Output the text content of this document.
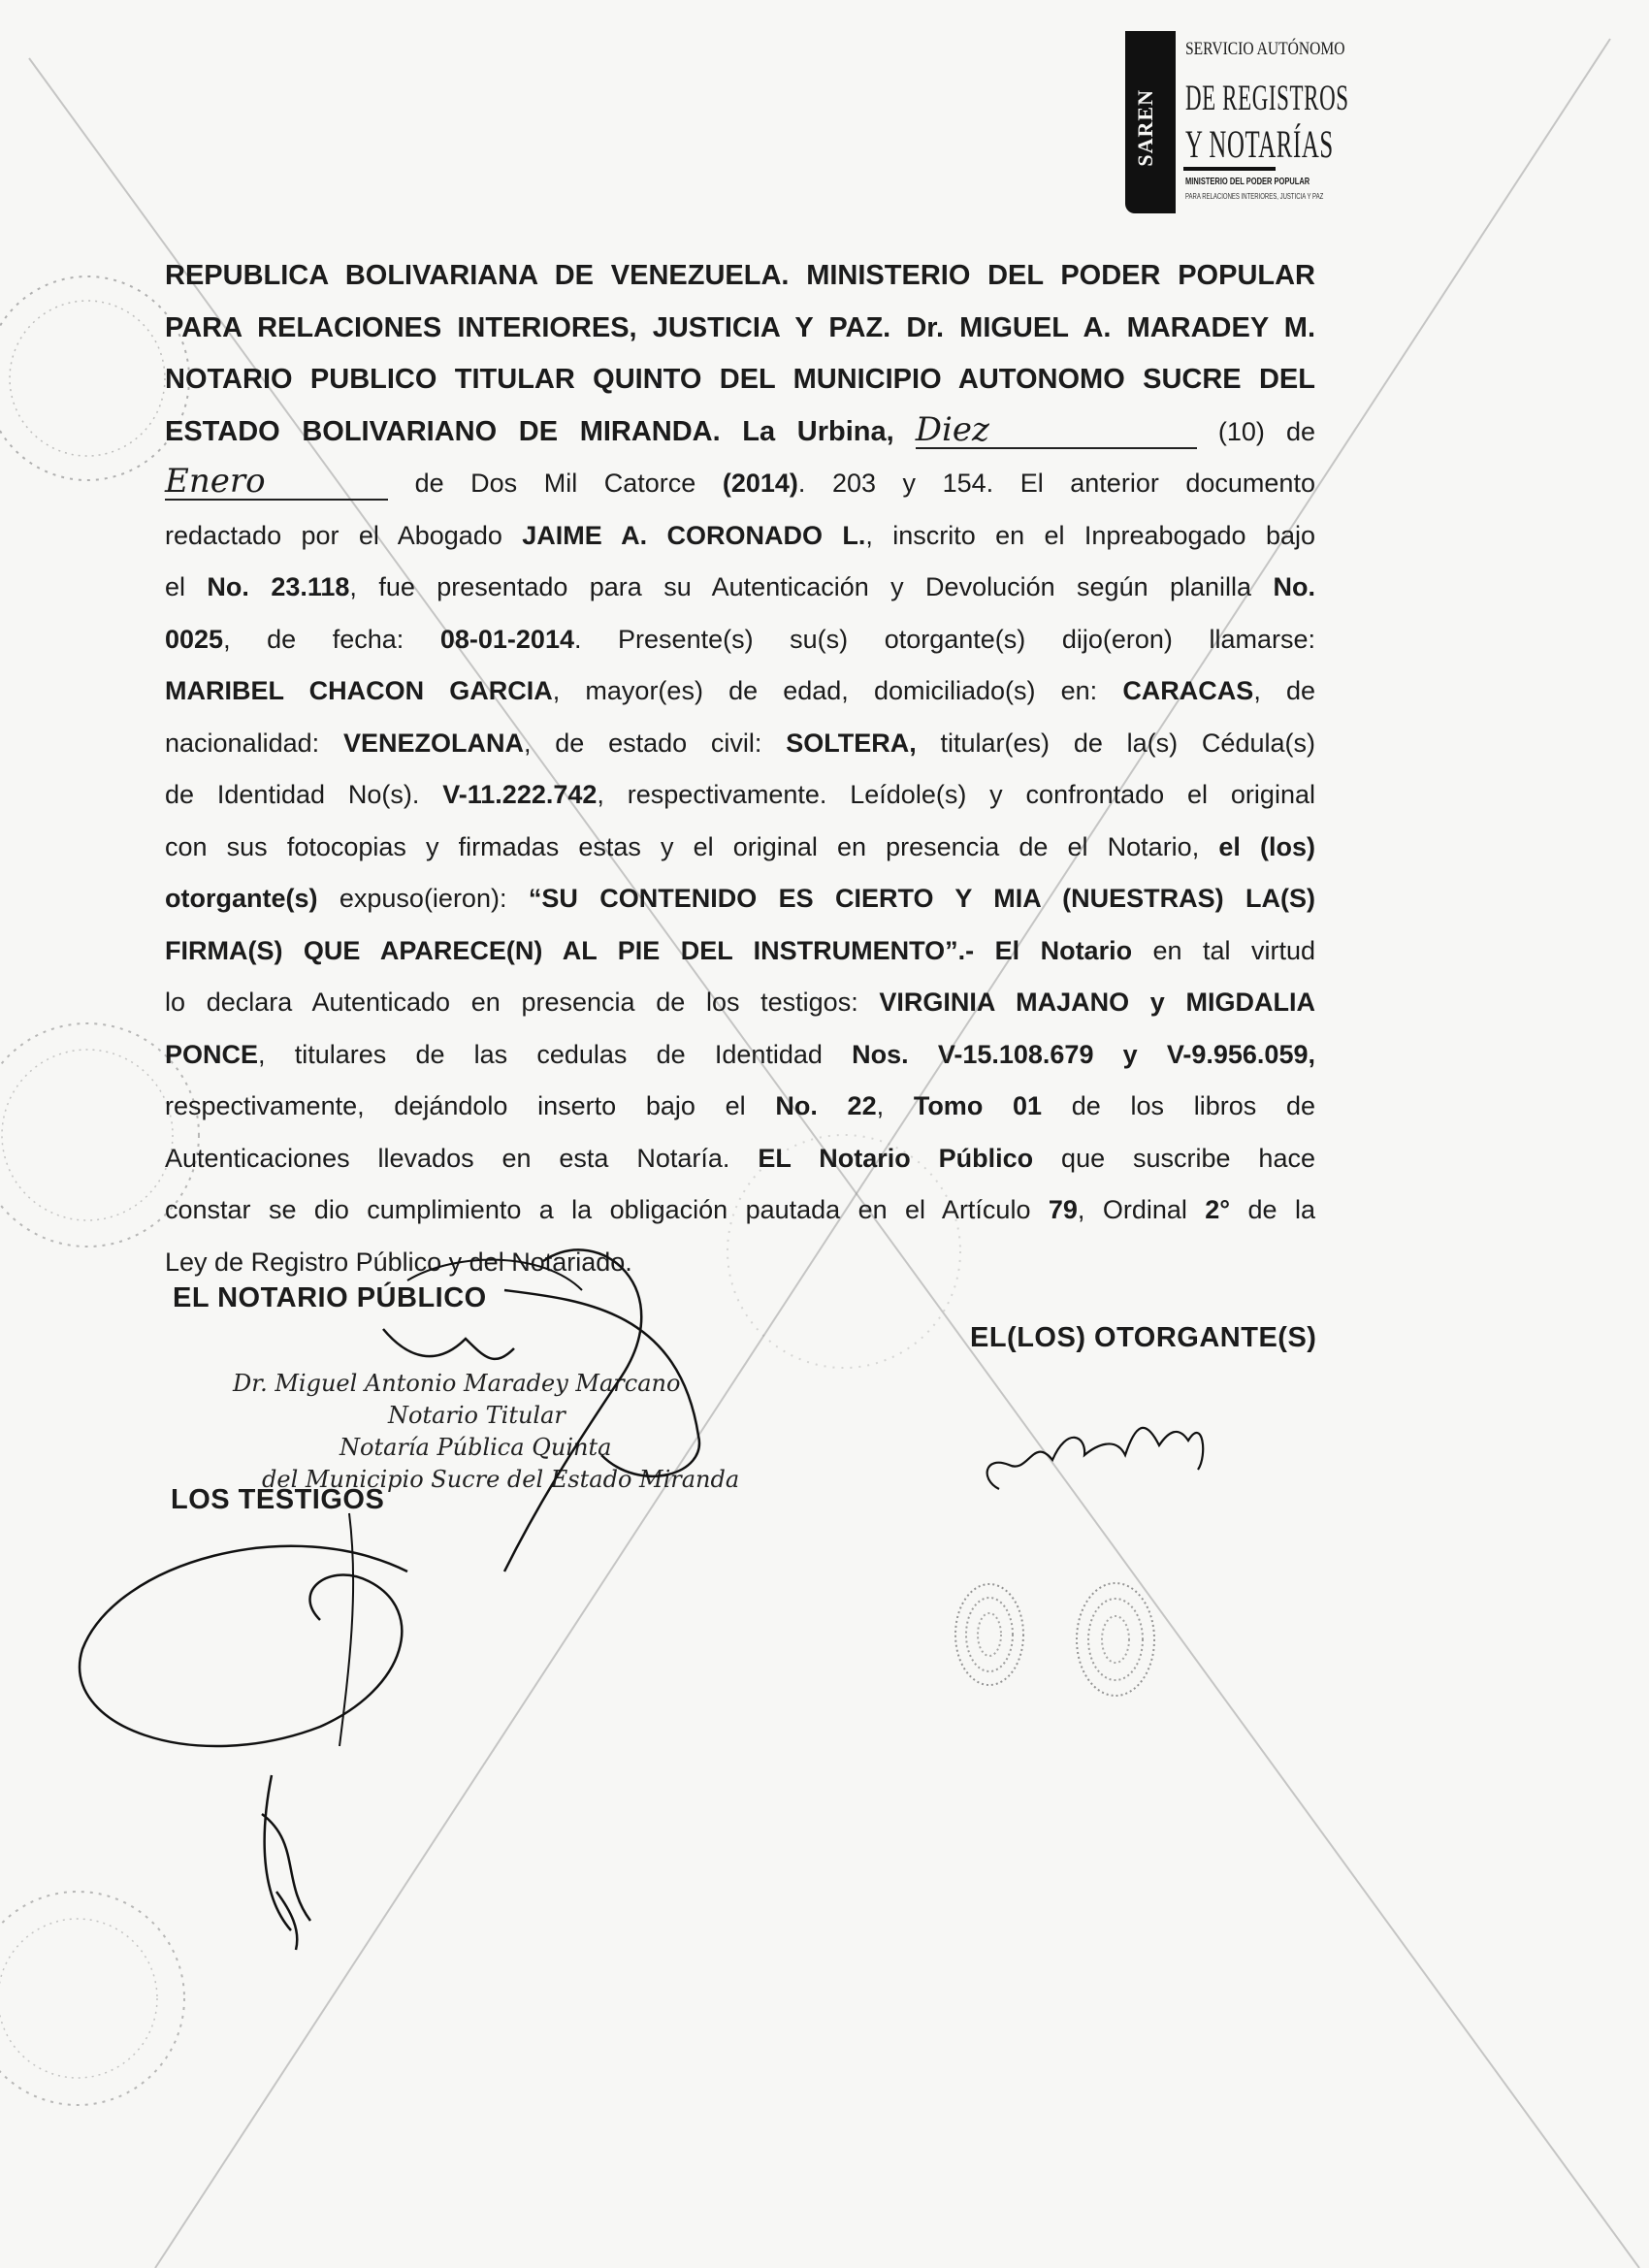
SAREN
SERVICIO AUTÓNOMO
DE REGISTROS
Y NOTARÍAS
MINISTERIO DEL PODER POPULAR
PARA RELACIONES INTERIORES, JUSTICIA Y PAZ
REPUBLICA BOLIVARIANA DE VENEZUELA. MINISTERIO DEL PODER POPULAR
PARA RELACIONES INTERIORES, JUSTICIA Y PAZ. Dr. MIGUEL A. MARADEY M.
NOTARIO PUBLICO TITULAR QUINTO DEL MUNICIPIO AUTONOMO SUCRE DEL
ESTADO BOLIVARIANO DE MIRANDA. La Urbina, Diez	(10) de
Enero	de Dos Mil Catorce (2014). 203 y 154. El anterior documento
redactado por el Abogado JAIME A. CORONADO L., inscrito en el Inpreabogado bajo
el No. 23.118, fue presentado para su Autenticación y Devolución según planilla No.
0025, de fecha: 08-01-2014. Presente(s) su(s) otorgante(s) dijo(eron) llamarse:
MARIBEL CHACON GARCIA, mayor(es) de edad, domiciliado(s) en: CARACAS, de
nacionalidad: VENEZOLANA, de estado civil: SOLTERA, titular(es) de la(s) Cédula(s)
de Identidad No(s). V-11.222.742, respectivamente. Leídole(s) y confrontado el original
con sus fotocopias y firmadas estas y el original en presencia de el Notario, el (los)
otorgante(s) expuso(ieron): “SU CONTENIDO ES CIERTO Y MIA (NUESTRAS) LA(S)
FIRMA(S) QUE APARECE(N) AL PIE DEL INSTRUMENTO”.- El Notario en tal virtud
lo declara Autenticado en presencia de los testigos: VIRGINIA MAJANO y MIGDALIA
PONCE, titulares de las cedulas de Identidad Nos. V-15.108.679 y V-9.956.059,
respectivamente, dejándolo inserto bajo el No. 22, Tomo 01 de los libros de
Autenticaciones llevados en esta Notaría. EL Notario Público que suscribe hace
constar se dio cumplimiento a la obligación pautada en el Artículo 79, Ordinal 2° de la
Ley de Registro Público y del Notariado.
EL NOTARIO PÚBLICO
EL(LOS) OTORGANTE(S)
LOS TESTIGOS
Dr. Miguel Antonio Maradey Marcano
Notario Titular
Notaría Pública Quinta
del Municipio Sucre del Estado Miranda
